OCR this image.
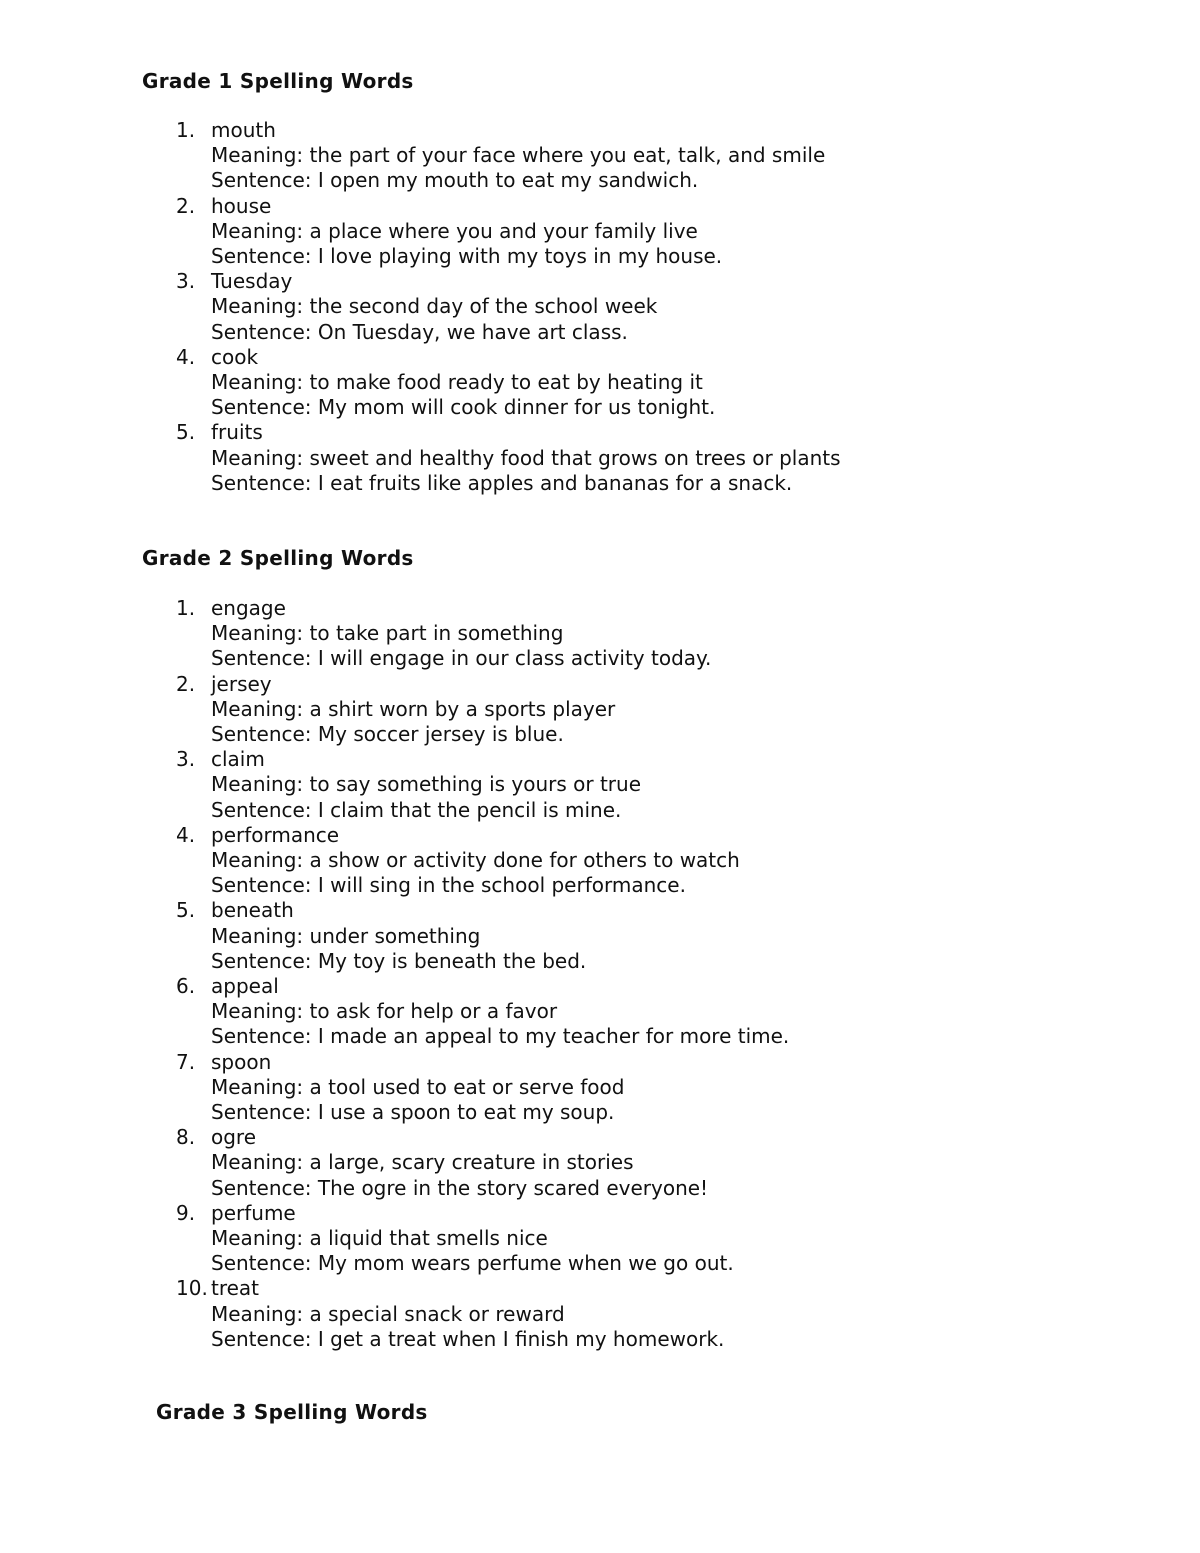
Grade 1 Spelling Words
1. mouth
Meaning: the part of your face where you eat, talk, and smile
Sentence: I open my mouth to eat my sandwich.
2. house
Meaning: a place where you and your family live
Sentence: I love playing with my toys in my house.
3. Tuesday
Meaning: the second day of the school week
Sentence: On Tuesday, we have art class.
4. cook
Meaning: to make food ready to eat by heating it
Sentence: My mom will cook dinner for us tonight.
5. fruits
Meaning: sweet and healthy food that grows on trees or plants
Sentence: I eat fruits like apples and bananas for a snack.
Grade 2 Spelling Words
1. engage
Meaning: to take part in something
Sentence: I will engage in our class activity today.
2. jersey
Meaning: a shirt worn by a sports player
Sentence: My soccer jersey is blue.
3. claim
Meaning: to say something is yours or true
Sentence: I claim that the pencil is mine.
4. performance
Meaning: a show or activity done for others to watch
Sentence: I will sing in the school performance.
5. beneath
Meaning: under something
Sentence: My toy is beneath the bed.
6. appeal
Meaning: to ask for help or a favor
Sentence: I made an appeal to my teacher for more time.
7. spoon
Meaning: a tool used to eat or serve food
Sentence: I use a spoon to eat my soup.
8. ogre
Meaning: a large, scary creature in stories
Sentence: The ogre in the story scared everyone!
9. perfume
Meaning: a liquid that smells nice
Sentence: My mom wears perfume when we go out.
10. treat
Meaning: a special snack or reward
Sentence: I get a treat when I finish my homework.
Grade 3 Spelling Words
